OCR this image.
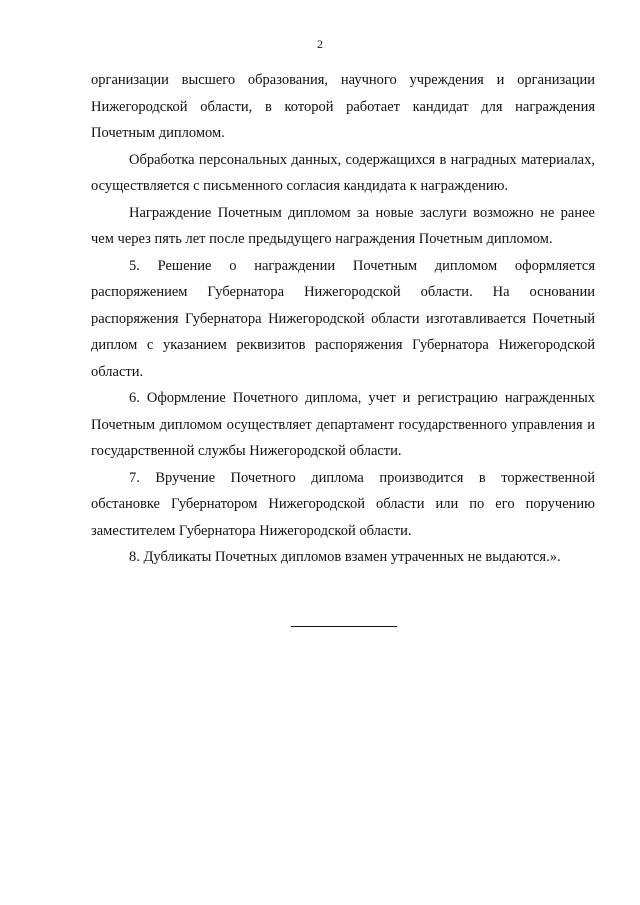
2

организации высшего образования, научного учреждения и организации Нижегородской области, в которой работает кандидат для награждения Почетным дипломом.

Обработка персональных данных, содержащихся в наградных материалах, осуществляется с письменного согласия кандидата к награждению.

Награждение Почетным дипломом за новые заслуги возможно не ранее чем через пять лет после предыдущего награждения Почетным дипломом.

5. Решение о награждении Почетным дипломом оформляется распоряжением Губернатора Нижегородской области. На основании распоряжения Губернатора Нижегородской области изготавливается Почетный диплом с указанием реквизитов распоряжения Губернатора Нижегородской области.

6. Оформление Почетного диплома, учет и регистрацию награжденных Почетным дипломом осуществляет департамент государственного управления и государственной службы Нижегородской области.

7. Вручение Почетного диплома производится в торжественной обстановке Губернатором Нижегородской области или по его поручению заместителем Губернатора Нижегородской области.

8. Дубликаты Почетных дипломов взамен утраченных не выдаются.».
